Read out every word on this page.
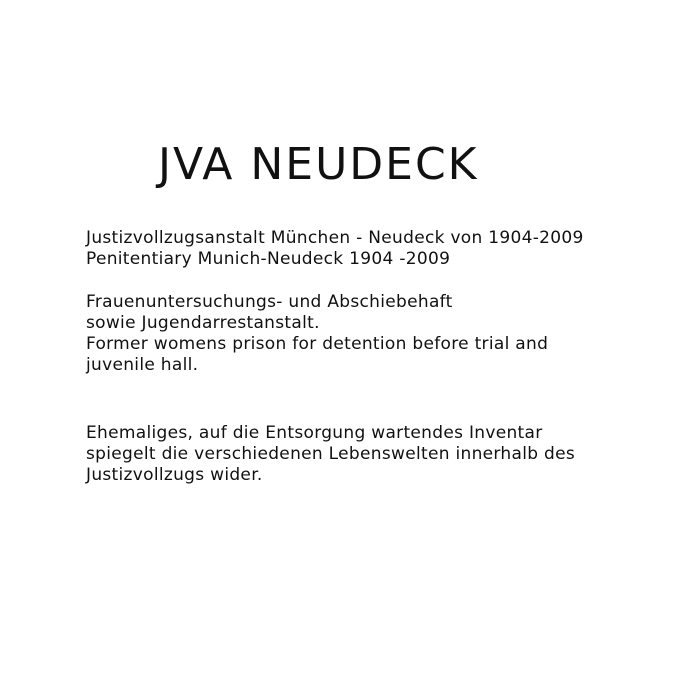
JVA NEUDECK

Justizvollzugsanstalt München - Neudeck von 1904-2009
Penitentiary Munich-Neudeck 1904 -2009

Frauenuntersuchungs- und Abschiebehaft
sowie Jugendarrestanstalt.
Former womens prison for detention before trial and
juvenile hall.

Ehemaliges, auf die Entsorgung wartendes Inventar
spiegelt die verschiedenen Lebenswelten innerhalb des
Justizvollzugs wider.
